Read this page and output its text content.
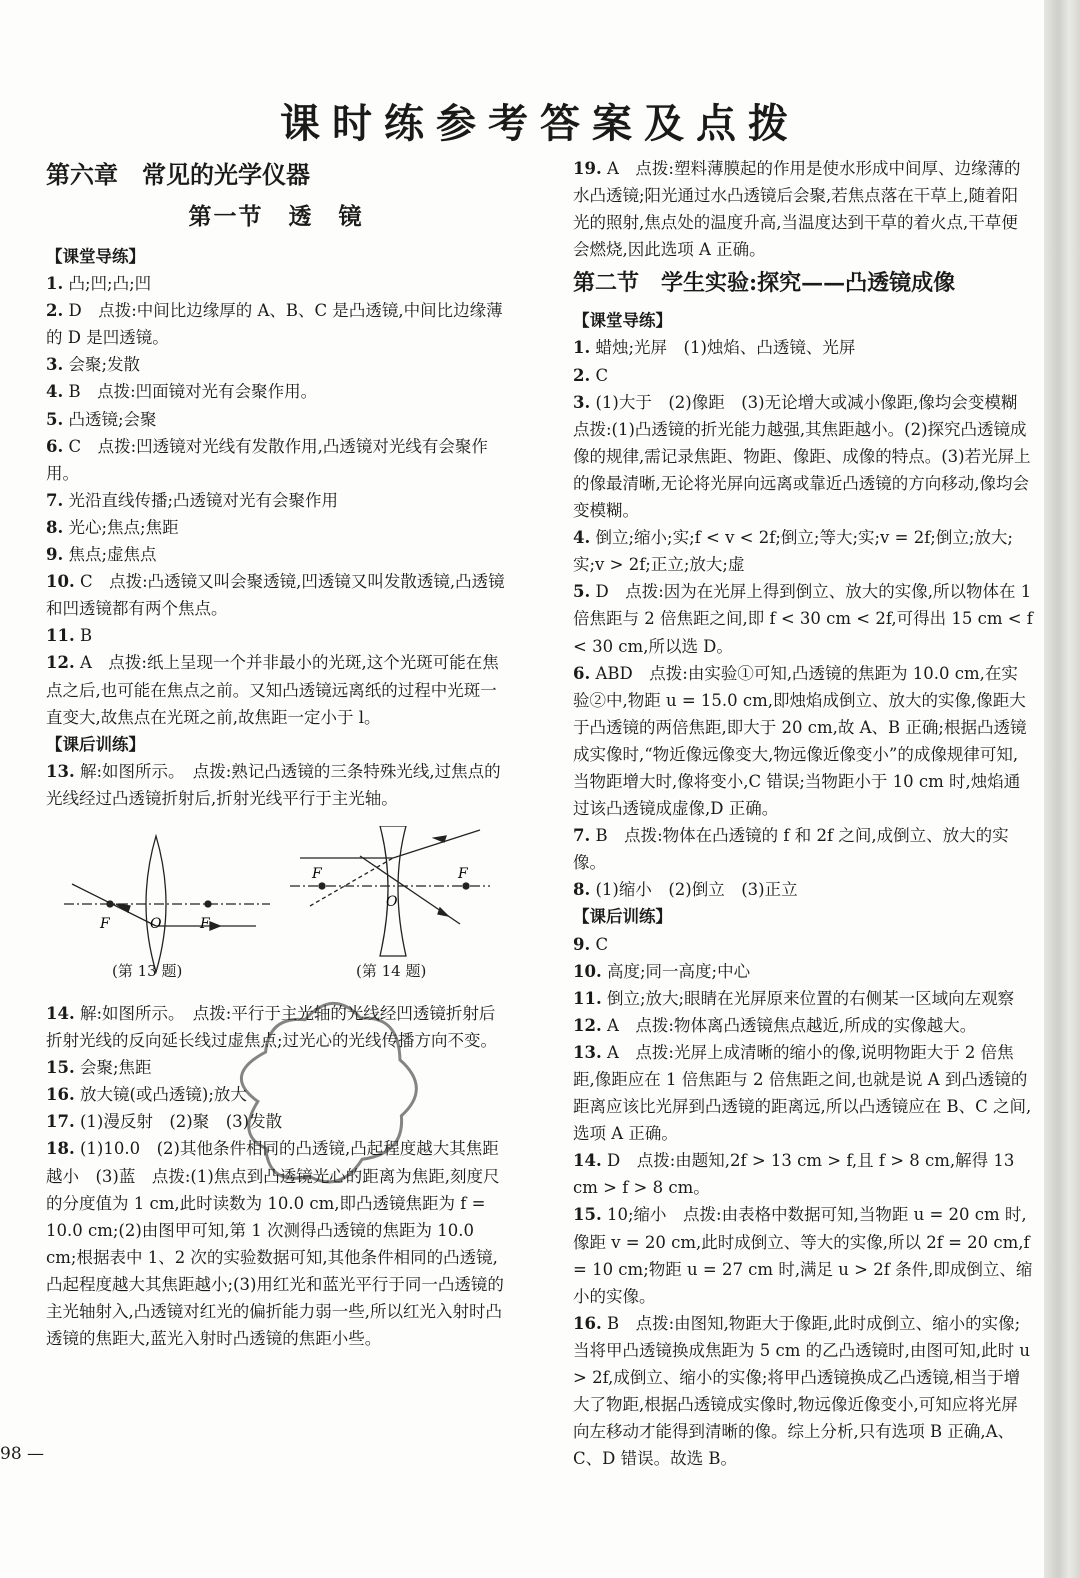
课时练参考答案及点拨
第六章　常见的光学仪器
第一节　透　镜
【课堂导练】

1. 凸;凹;凸;凹

2. D　点拨:中间比边缘厚的 A、B、C 是凸透镜,中间比边缘薄的 D 是凹透镜。

3. 会聚;发散

4. B　点拨:凹面镜对光有会聚作用。

5. 凸透镜;会聚

6. C　点拨:凹透镜对光线有发散作用,凸透镜对光线有会聚作用。

7. 光沿直线传播;凸透镜对光有会聚作用

8. 光心;焦点;焦距

9. 焦点;虚焦点

10. C　点拨:凸透镜又叫会聚透镜,凹透镜又叫发散透镜,凸透镜和凹透镜都有两个焦点。

11. B

12. A　点拨:纸上呈现一个并非最小的光斑,这个光斑可能在焦点之后,也可能在焦点之前。又知凸透镜远离纸的过程中光斑一直变大,故焦点在光斑之前,故焦距一定小于 l。

【课后训练】

13. 解:如图所示。　点拨:熟记凸透镜的三条特殊光线,过焦点的光线经过凸透镜折射后,折射光线平行于主光轴。

F	O	F
F
O
F
(第 13 题)	(第 14 题)

14. 解:如图所示。　点拨:平行于主光轴的光线经凹透镜折射后折射光线的反向延长线过虚焦点;过光心的光线传播方向不变。

15. 会聚;焦距

16. 放大镜(或凸透镜);放大

17. (1)漫反射　(2)聚　(3)发散

18. (1)10.0　(2)其他条件相同的凸透镜,凸起程度越大其焦距越小　(3)蓝　点拨:(1)焦点到凸透镜光心的距离为焦距,刻度尺的分度值为 1 cm,此时读数为 10.0 cm,即凸透镜焦距为 f = 10.0 cm;(2)由图甲可知,第 1 次测得凸透镜的焦距为 10.0 cm;根据表中 1、2 次的实验数据可知,其他条件相同的凸透镜,凸起程度越大其焦距越小;(3)用红光和蓝光平行于同一凸透镜的主光轴射入,凸透镜对红光的偏折能力弱一些,所以红光入射时凸透镜的焦距大,蓝光入射时凸透镜的焦距小些。

19. A　点拨:塑料薄膜起的作用是使水形成中间厚、边缘薄的水凸透镜;阳光通过水凸透镜后会聚,若焦点落在干草上,随着阳光的照射,焦点处的温度升高,当温度达到干草的着火点,干草便会燃烧,因此选项 A 正确。

第二节　学生实验:探究——凸透镜成像
【课堂导练】

1. 蜡烛;光屏　(1)烛焰、凸透镜、光屏

2. C

3. (1)大于　(2)像距　(3)无论增大或减小像距,像均会变模糊　点拨:(1)凸透镜的折光能力越强,其焦距越小。(2)探究凸透镜成像的规律,需记录焦距、物距、像距、成像的特点。(3)若光屏上的像最清晰,无论将光屏向远离或靠近凸透镜的方向移动,像均会变模糊。

4. 倒立;缩小;实;f < v < 2f;倒立;等大;实;v = 2f;倒立;放大;实;v > 2f;正立;放大;虚

5. D　点拨:因为在光屏上得到倒立、放大的实像,所以物体在 1 倍焦距与 2 倍焦距之间,即 f < 30 cm < 2f,可得出 15 cm < f < 30 cm,所以选 D。

6. ABD　点拨:由实验①可知,凸透镜的焦距为 10.0 cm,在实验②中,物距 u = 15.0 cm,即烛焰成倒立、放大的实像,像距大于凸透镜的两倍焦距,即大于 20 cm,故 A、B 正确;根据凸透镜成实像时,“物近像远像变大,物远像近像变小”的成像规律可知,当物距增大时,像将变小,C 错误;当物距小于 10 cm 时,烛焰通过该凸透镜成虚像,D 正确。

7. B　点拨:物体在凸透镜的 f 和 2f 之间,成倒立、放大的实像。

8. (1)缩小　(2)倒立　(3)正立

【课后训练】

9. C

10. 高度;同一高度;中心

11. 倒立;放大;眼睛在光屏原来位置的右侧某一区域向左观察

12. A　点拨:物体离凸透镜焦点越近,所成的实像越大。

13. A　点拨:光屏上成清晰的缩小的像,说明物距大于 2 倍焦距,像距应在 1 倍焦距与 2 倍焦距之间,也就是说 A 到凸透镜的距离应该比光屏到凸透镜的距离远,所以凸透镜应在 B、C 之间,选项 A 正确。

14. D　点拨:由题知,2f > 13 cm > f,且 f > 8 cm,解得 13 cm > f > 8 cm。

15. 10;缩小　点拨:由表格中数据可知,当物距 u = 20 cm 时,像距 v = 20 cm,此时成倒立、等大的实像,所以 2f = 20 cm,f = 10 cm;物距 u = 27 cm 时,满足 u > 2f 条件,即成倒立、缩小的实像。

16. B　点拨:由图知,物距大于像距,此时成倒立、缩小的实像;当将甲凸透镜换成焦距为 5 cm 的乙凸透镜时,由图可知,此时 u > 2f,成倒立、缩小的实像;将甲凸透镜换成乙凸透镜,相当于增大了物距,根据凸透镜成实像时,物远像近像变小,可知应将光屏向左移动才能得到清晰的像。综上分析,只有选项 B 正确,A、C、D 错误。故选 B。

98 —
